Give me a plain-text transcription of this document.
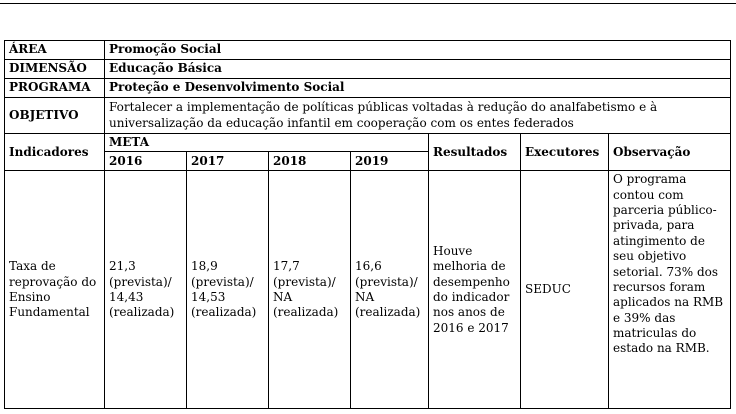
ÁREA	Promoção Social						
DIMENSÃO	Educação Básica						
PROGRAMA	Proteção e Desenvolvimento Social						
OBJETIVO	Fortalecer a implementação de políticas públicas voltadas à redução do analfabetismo e à universalização da educação infantil em cooperação com os entes federados						
Indicadores	META				Resultados	Executores	Observação
	2016	2017	2018	2019			
Taxa de reprovação do Ensino Fundamental	21,3 (prevista)/ 14,43 (realizada)	18,9 (prevista)/ 14,53 (realizada)	17,7 (prevista)/ NA (realizada)	16,6 (prevista)/ NA (realizada)	Houve melhoria de desempenho do indicador nos anos de 2016 e 2017	SEDUC	O programa contou com parceria público-privada, para atingimento de seu objetivo setorial. 73% dos recursos foram aplicados na RMB e 39% das matriculas do estado na RMB.
